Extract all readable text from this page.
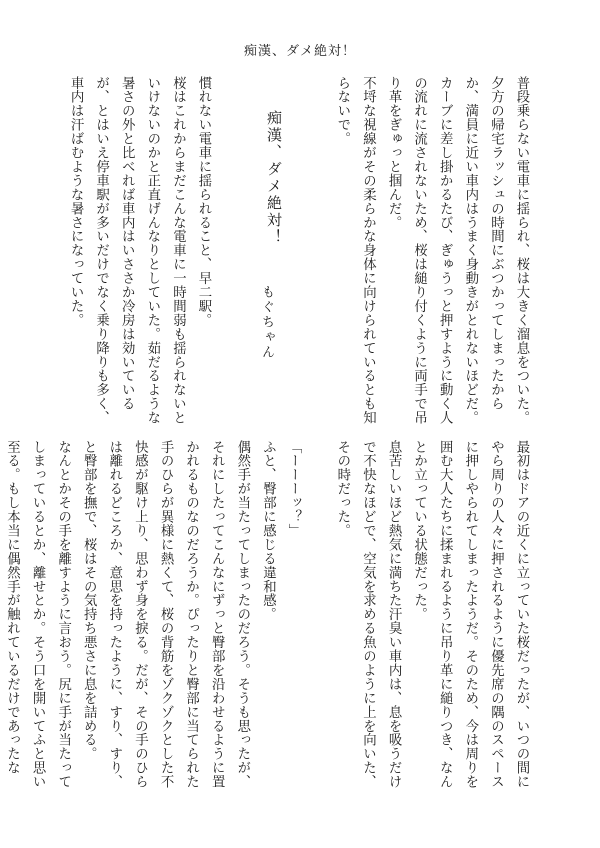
痴漢、ダメ絶対！

普段乗らない電車に揺られ、桜は大きく溜息をついた。

夕方の帰宅ラッシュの時間にぶつかってしまったからか、満員に近い車内はうまく身動きがとれないほどだ。カーブに差し掛かるたび、ぎゅうっと押すように動く人の流れに流されないため、桜は縋り付くように両手で吊り革をぎゅっと掴んだ。

不埒な視線がその柔らかな身体に向けられているとも知らないで。

痴漢、ダメ絶対！
もぐちゃん

慣れない電車に揺られること、早二駅。

桜はこれからまだこんな電車に一時間弱も揺られないといけないのかと正直げんなりとしていた。茹だるような暑さの外と比べれば車内はいささか冷房は効いているが、とはいえ停車駅が多いだけでなく乗り降りも多く、車内は汗ばむような暑さになっていた。

最初はドアの近くに立っていた桜だったが、いつの間にやら周りの人々に押されるように優先席の隅のスペースに押しやられてしまったようだ。そのため、今は周りを囲む大人たちに揉まれるように吊り革に縋りつき、なんとか立っている状態だった。

息苦しいほど熱気に満ちた汗臭い車内は、息を吸うだけで不快なほどで、空気を求める魚のように上を向いた、その時だった。

「ーーーッ？」

ふと、臀部に感じる違和感。

偶然手が当たってしまったのだろう。そうも思ったが、それにしたってこんなにずっと臀部を沿わせるように置かれるものなのだろうか。ぴったりと臀部に当てられた手のひらが異様に熱くて、桜の背筋をゾクゾクとした不快感が駆け上り、思わず身を捩る。だが、その手のひらは離れるどころか、意思を持ったように、すり、すり、と臀部を撫で、桜はその気持ち悪さに息を詰める。

なんとかその手を離すように言おう。尻に手が当たってしまっているとか、離せとか。そう口を開いてふと思い至る。もし本当に偶然手が触れているだけであったな
